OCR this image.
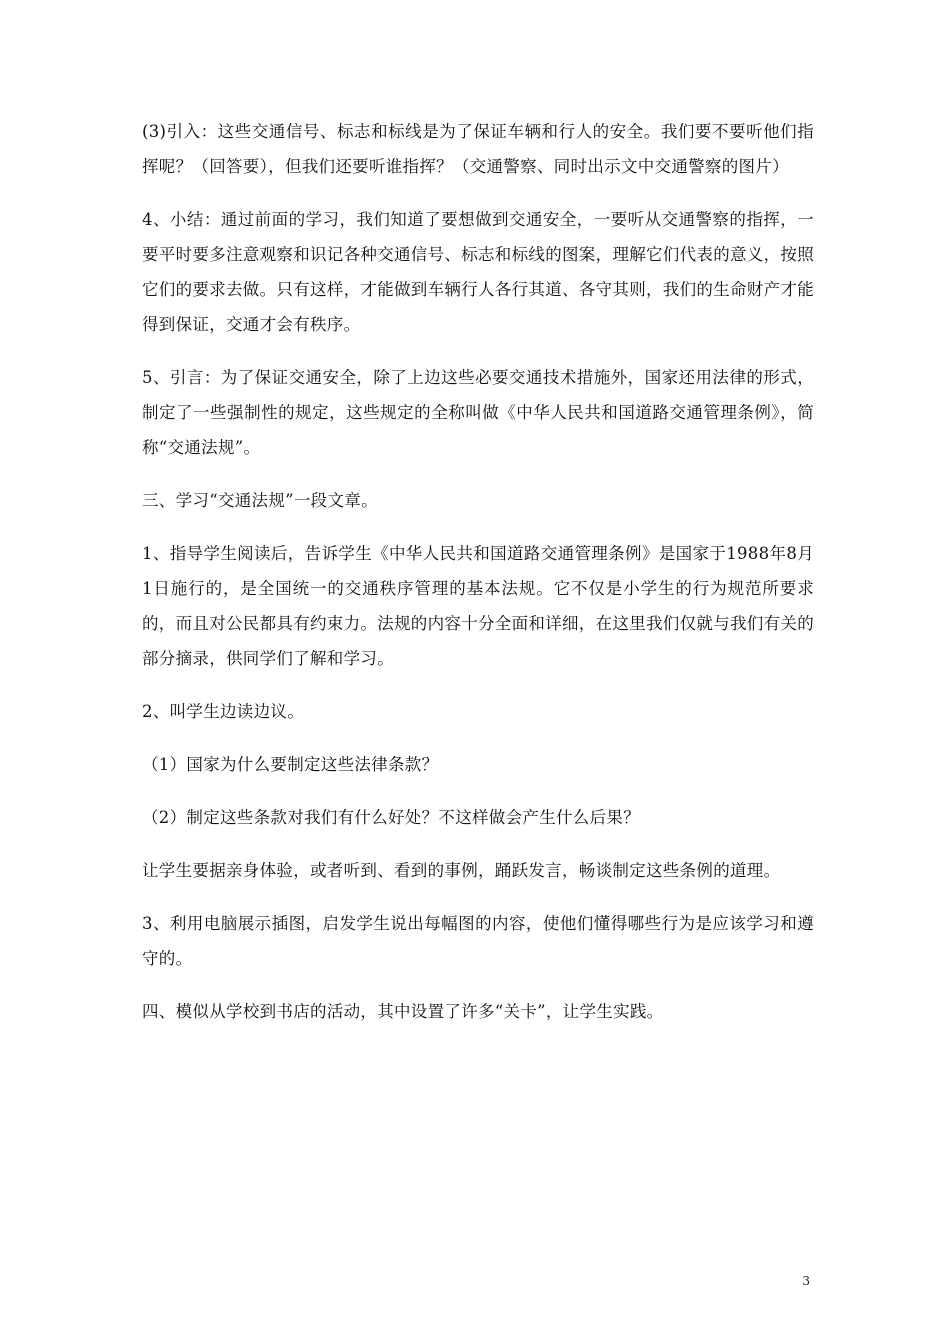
(3)引入：这些交通信号、标志和标线是为了保证车辆和行人的安全。我们要不要听他们指挥呢？（回答要），但我们还要听谁指挥？（交通警察、同时出示文中交通警察的图片）

4、小结：通过前面的学习，我们知道了要想做到交通安全，一要听从交通警察的指挥，一要平时要多注意观察和识记各种交通信号、标志和标线的图案，理解它们代表的意义，按照它们的要求去做。只有这样，才能做到车辆行人各行其道、各守其则，我们的生命财产才能得到保证，交通才会有秩序。

5、引言：为了保证交通安全，除了上边这些必要交通技术措施外，国家还用法律的形式，制定了一些强制性的规定，这些规定的全称叫做《中华人民共和国道路交通管理条例》，简称“交通法规”。

三、学习“交通法规”一段文章。

1、指导学生阅读后，告诉学生《中华人民共和国道路交通管理条例》是国家于1988年8月1日施行的，是全国统一的交通秩序管理的基本法规。它不仅是小学生的行为规范所要求的，而且对公民都具有约束力。法规的内容十分全面和详细，在这里我们仅就与我们有关的部分摘录，供同学们了解和学习。

2、叫学生边读边议。

（1）国家为什么要制定这些法律条款？

（2）制定这些条款对我们有什么好处？不这样做会产生什么后果？

让学生要据亲身体验，或者听到、看到的事例，踊跃发言，畅谈制定这些条例的道理。

3、利用电脑展示插图，启发学生说出每幅图的内容，使他们懂得哪些行为是应该学习和遵守的。

四、模似从学校到书店的活动，其中设置了许多“关卡”，让学生实践。

3
